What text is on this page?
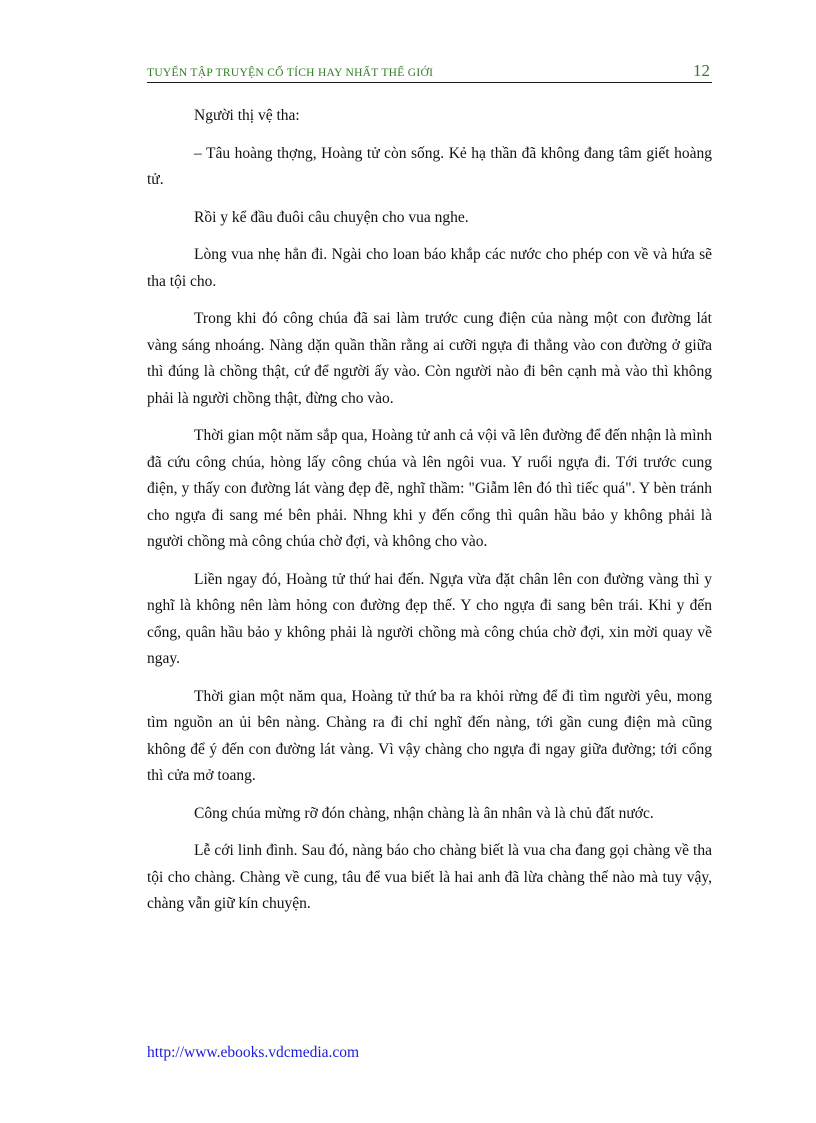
TUYỂN TẬP TRUYỆN CỔ TÍCH HAY NHẤT THẾ GIỚI	12

Người thị vệ tha:

– Tâu hoàng thợng, Hoàng tử còn sống. Kẻ hạ thần đã không đang tâm giết hoàng tử.

Rồi y kể đầu đuôi câu chuyện cho vua nghe.

Lòng vua nhẹ hẳn đi. Ngài cho loan báo khắp các nước cho phép con về và hứa sẽ tha tội cho.

Trong khi đó công chúa đã sai làm trước cung điện của nàng một con đường lát vàng sáng nhoáng. Nàng dặn quần thần rằng ai cưỡi ngựa đi thẳng vào con đường ở giữa thì đúng là chồng thật, cứ để người ấy vào. Còn người nào đi bên cạnh mà vào thì không phải là người chồng thật, đừng cho vào.

Thời gian một năm sắp qua, Hoàng tử anh cả vội vã lên đường để đến nhận là mình đã cứu công chúa, hòng lấy công chúa và lên ngôi vua. Y ruổi ngựa đi. Tới trước cung điện, y thấy con đường lát vàng đẹp đẽ, nghĩ thầm: "Giẫm lên đó thì tiếc quá". Y bèn tránh cho ngựa đi sang mé bên phải. Nhng khi y đến cổng thì quân hầu bảo y không phải là người chồng mà công chúa chờ đợi, và không cho vào.

Liền ngay đó, Hoàng tử thứ hai đến. Ngựa vừa đặt chân lên con đường vàng thì y nghĩ là không nên làm hỏng con đường đẹp thế. Y cho ngựa đi sang bên trái. Khi y đến cổng, quân hầu bảo y không phải là người chồng mà công chúa chờ đợi, xin mời quay về ngay.

Thời gian một năm qua, Hoàng tử thứ ba ra khỏi rừng để đi tìm người yêu, mong tìm nguồn an ủi bên nàng. Chàng ra đi chỉ nghĩ đến nàng, tới gần cung điện mà cũng không để ý đến con đường lát vàng. Vì vậy chàng cho ngựa đi ngay giữa đường; tới cổng thì cửa mở toang.

Công chúa mừng rỡ đón chàng, nhận chàng là ân nhân và là chủ đất nước.

Lễ cới linh đình. Sau đó, nàng báo cho chàng biết là vua cha đang gọi chàng về tha tội cho chàng. Chàng về cung, tâu để vua biết là hai anh đã lừa chàng thế nào mà tuy vậy, chàng vẫn giữ kín chuyện.

http://www.ebooks.vdcmedia.com
